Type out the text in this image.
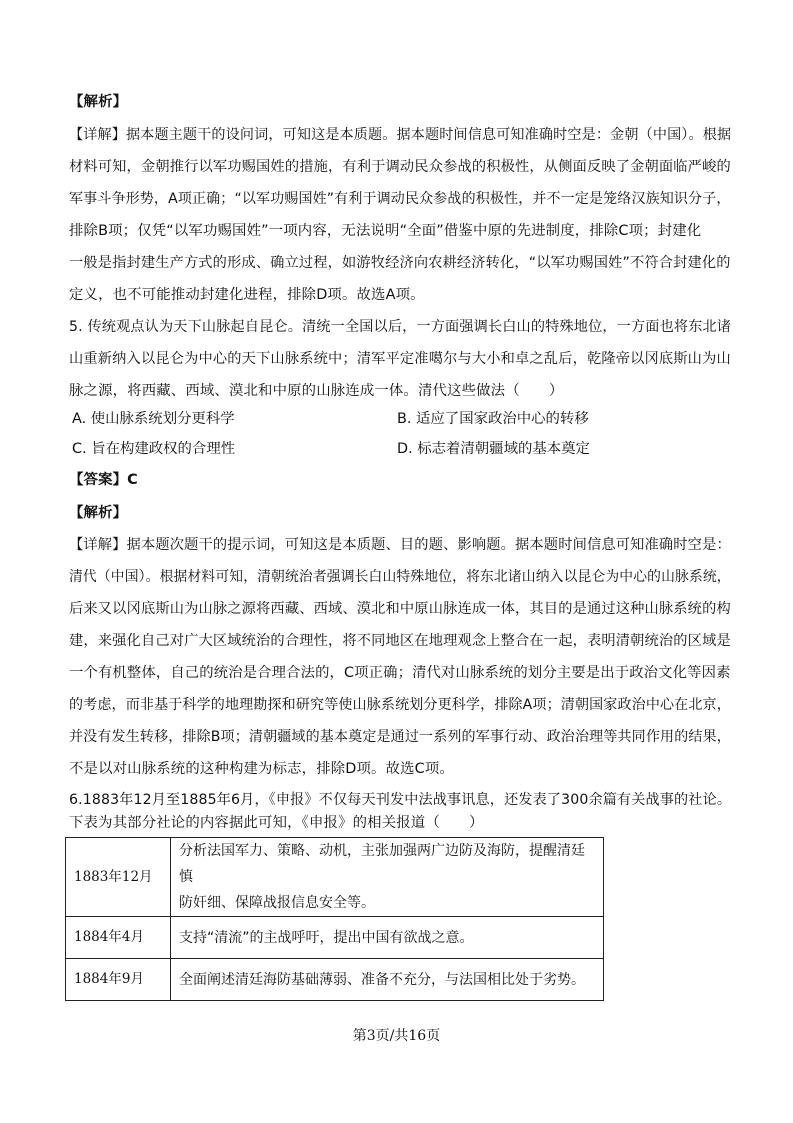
【解析】
【详解】据本题主题干的设问词，可知这是本质题。据本题时间信息可知准确时空是：金朝（中国）。根据
材料可知，金朝推行以军功赐国姓的措施，有利于调动民众参战的积极性，从侧面反映了金朝面临严峻的
军事斗争形势，A项正确；“以军功赐国姓”有利于调动民众参战的积极性，并不一定是笼络汉族知识分子，
排除B项；仅凭“以军功赐国姓”一项内容，无法说明“全面”借鉴中原的先进制度，排除C项；封建化
一般是指封建生产方式的形成、确立过程，如游牧经济向农耕经济转化，“以军功赐国姓”不符合封建化的
定义，也不可能推动封建化进程，排除D项。故选A项。
5. 传统观点认为天下山脉起自昆仑。清统一全国以后，一方面强调长白山的特殊地位，一方面也将东北诸
山重新纳入以昆仑为中心的天下山脉系统中；清军平定准噶尔与大小和卓之乱后，乾隆帝以冈底斯山为山
脉之源，将西藏、西域、漠北和中原的山脉连成一体。清代这些做法（　　）
A. 使山脉系统划分更科学	B. 适应了国家政治中心的转移
C. 旨在构建政权的合理性	D. 标志着清朝疆域的基本奠定
【答案】C
【解析】
【详解】据本题次题干的提示词，可知这是本质题、目的题、影响题。据本题时间信息可知准确时空是：
清代（中国）。根据材料可知，清朝统治者强调长白山特殊地位，将东北诸山纳入以昆仑为中心的山脉系统，
后来又以冈底斯山为山脉之源将西藏、西域、漠北和中原山脉连成一体，其目的是通过这种山脉系统的构
建，来强化自己对广大区域统治的合理性，将不同地区在地理观念上整合在一起，表明清朝统治的区域是
一个有机整体，自己的统治是合理合法的，C项正确；清代对山脉系统的划分主要是出于政治文化等因素
的考虑，而非基于科学的地理勘探和研究等使山脉系统划分更科学，排除A项；清朝国家政治中心在北京，
并没有发生转移，排除B项；清朝疆域的基本奠定是通过一系列的军事行动、政治治理等共同作用的结果，
不是以对山脉系统的这种构建为标志，排除D项。故选C项。
6.1883年12月至1885年6月，《申报》不仅每天刊发中法战事讯息，还发表了300余篇有关战事的社论。
下表为其部分社论的内容据此可知，《申报》的相关报道（　　）
1883年12月	分析法国军力、策略、动机，主张加强两广边防及海防，提醒清廷慎
防奸细、保障战报信息安全等。

1884年4月	支持“清流”的主战呼吁，提出中国有欲战之意。

1884年9月	全面阐述清廷海防基础薄弱、准备不充分，与法国相比处于劣势。
第3页/共16页
